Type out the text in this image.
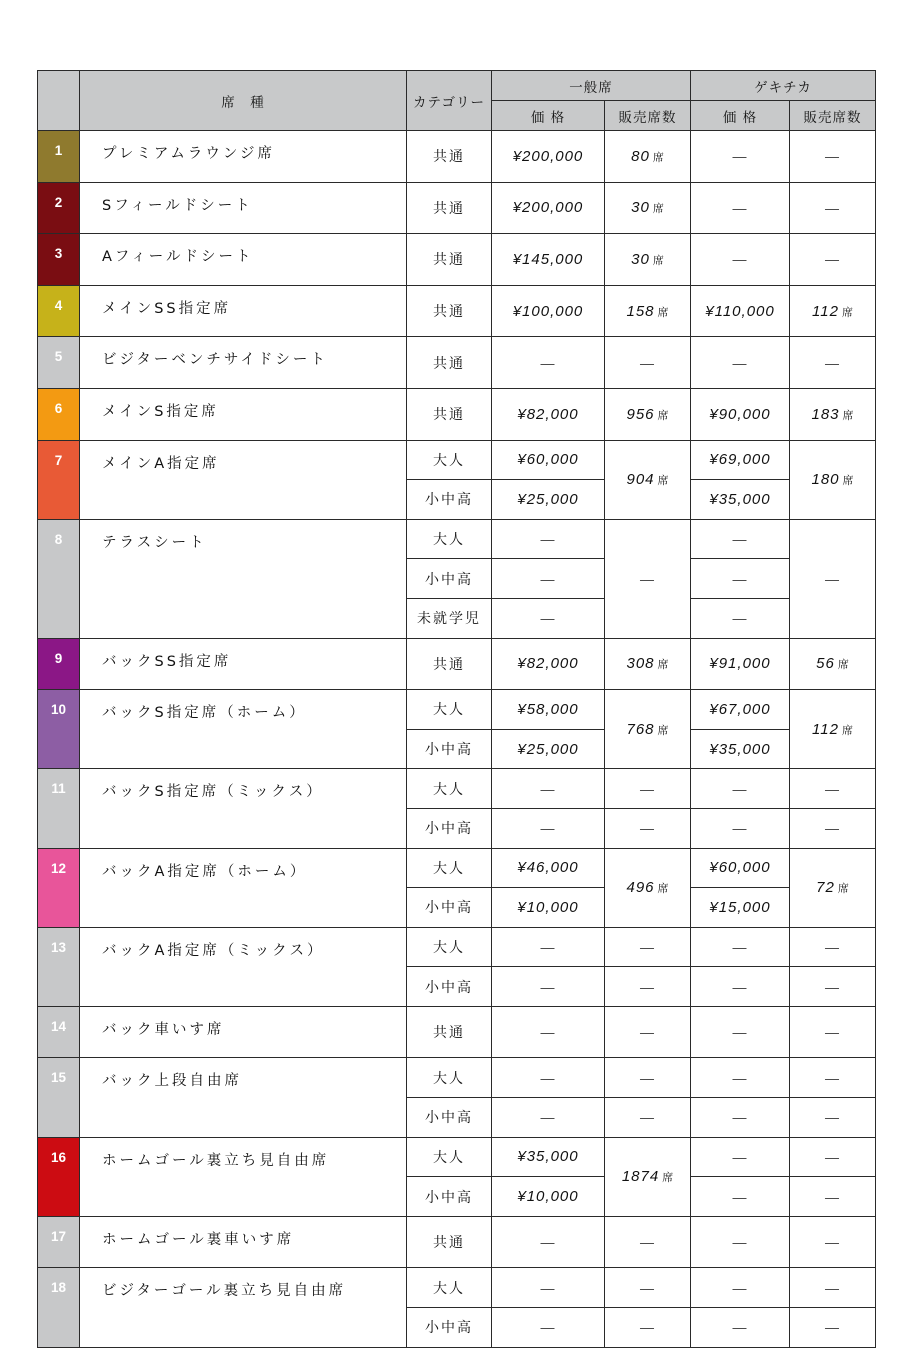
	席　種	カテゴリー	一般席		ゲキチカ	
			価 格	販売席数	価 格	販売席数
1	プレミアムラウンジ席	共通	¥200,000	80 席	—	—
2	Sフィールドシート	共通	¥200,000	30 席	—	—
3	Aフィールドシート	共通	¥145,000	30 席	—	—
4	メインSS指定席	共通	¥100,000	158 席	¥110,000	112 席
5	ビジターベンチサイドシート	共通	—	—	—	—
6	メインS指定席	共通	¥82,000	956 席	¥90,000	183 席
7	メインA指定席	大人	¥60,000	904 席	¥69,000	180 席
		小中高	¥25,000		¥35,000	
8	テラスシート	大人	—	—	—	—
		小中高	—		—	
		未就学児	—		—	
9	バックSS指定席	共通	¥82,000	308 席	¥91,000	56 席
10	バックS指定席（ホーム）	大人	¥58,000	768 席	¥67,000	112 席
		小中高	¥25,000		¥35,000	
11	バックS指定席（ミックス）	大人	—	—	—	—
		小中高	—	—	—	—
12	バックA指定席（ホーム）	大人	¥46,000	496 席	¥60,000	72 席
		小中高	¥10,000		¥15,000	
13	バックA指定席（ミックス）	大人	—	—	—	—
		小中高	—	—	—	—
14	バック車いす席	共通	—	—	—	—
15	バック上段自由席	大人	—	—	—	—
		小中高	—	—	—	—
16	ホームゴール裏立ち見自由席	大人	¥35,000	1874 席	—	—
		小中高	¥10,000		—	—
17	ホームゴール裏車いす席	共通	—	—	—	—
18	ビジターゴール裏立ち見自由席	大人	—	—	—	—
		小中高	—	—	—	—
